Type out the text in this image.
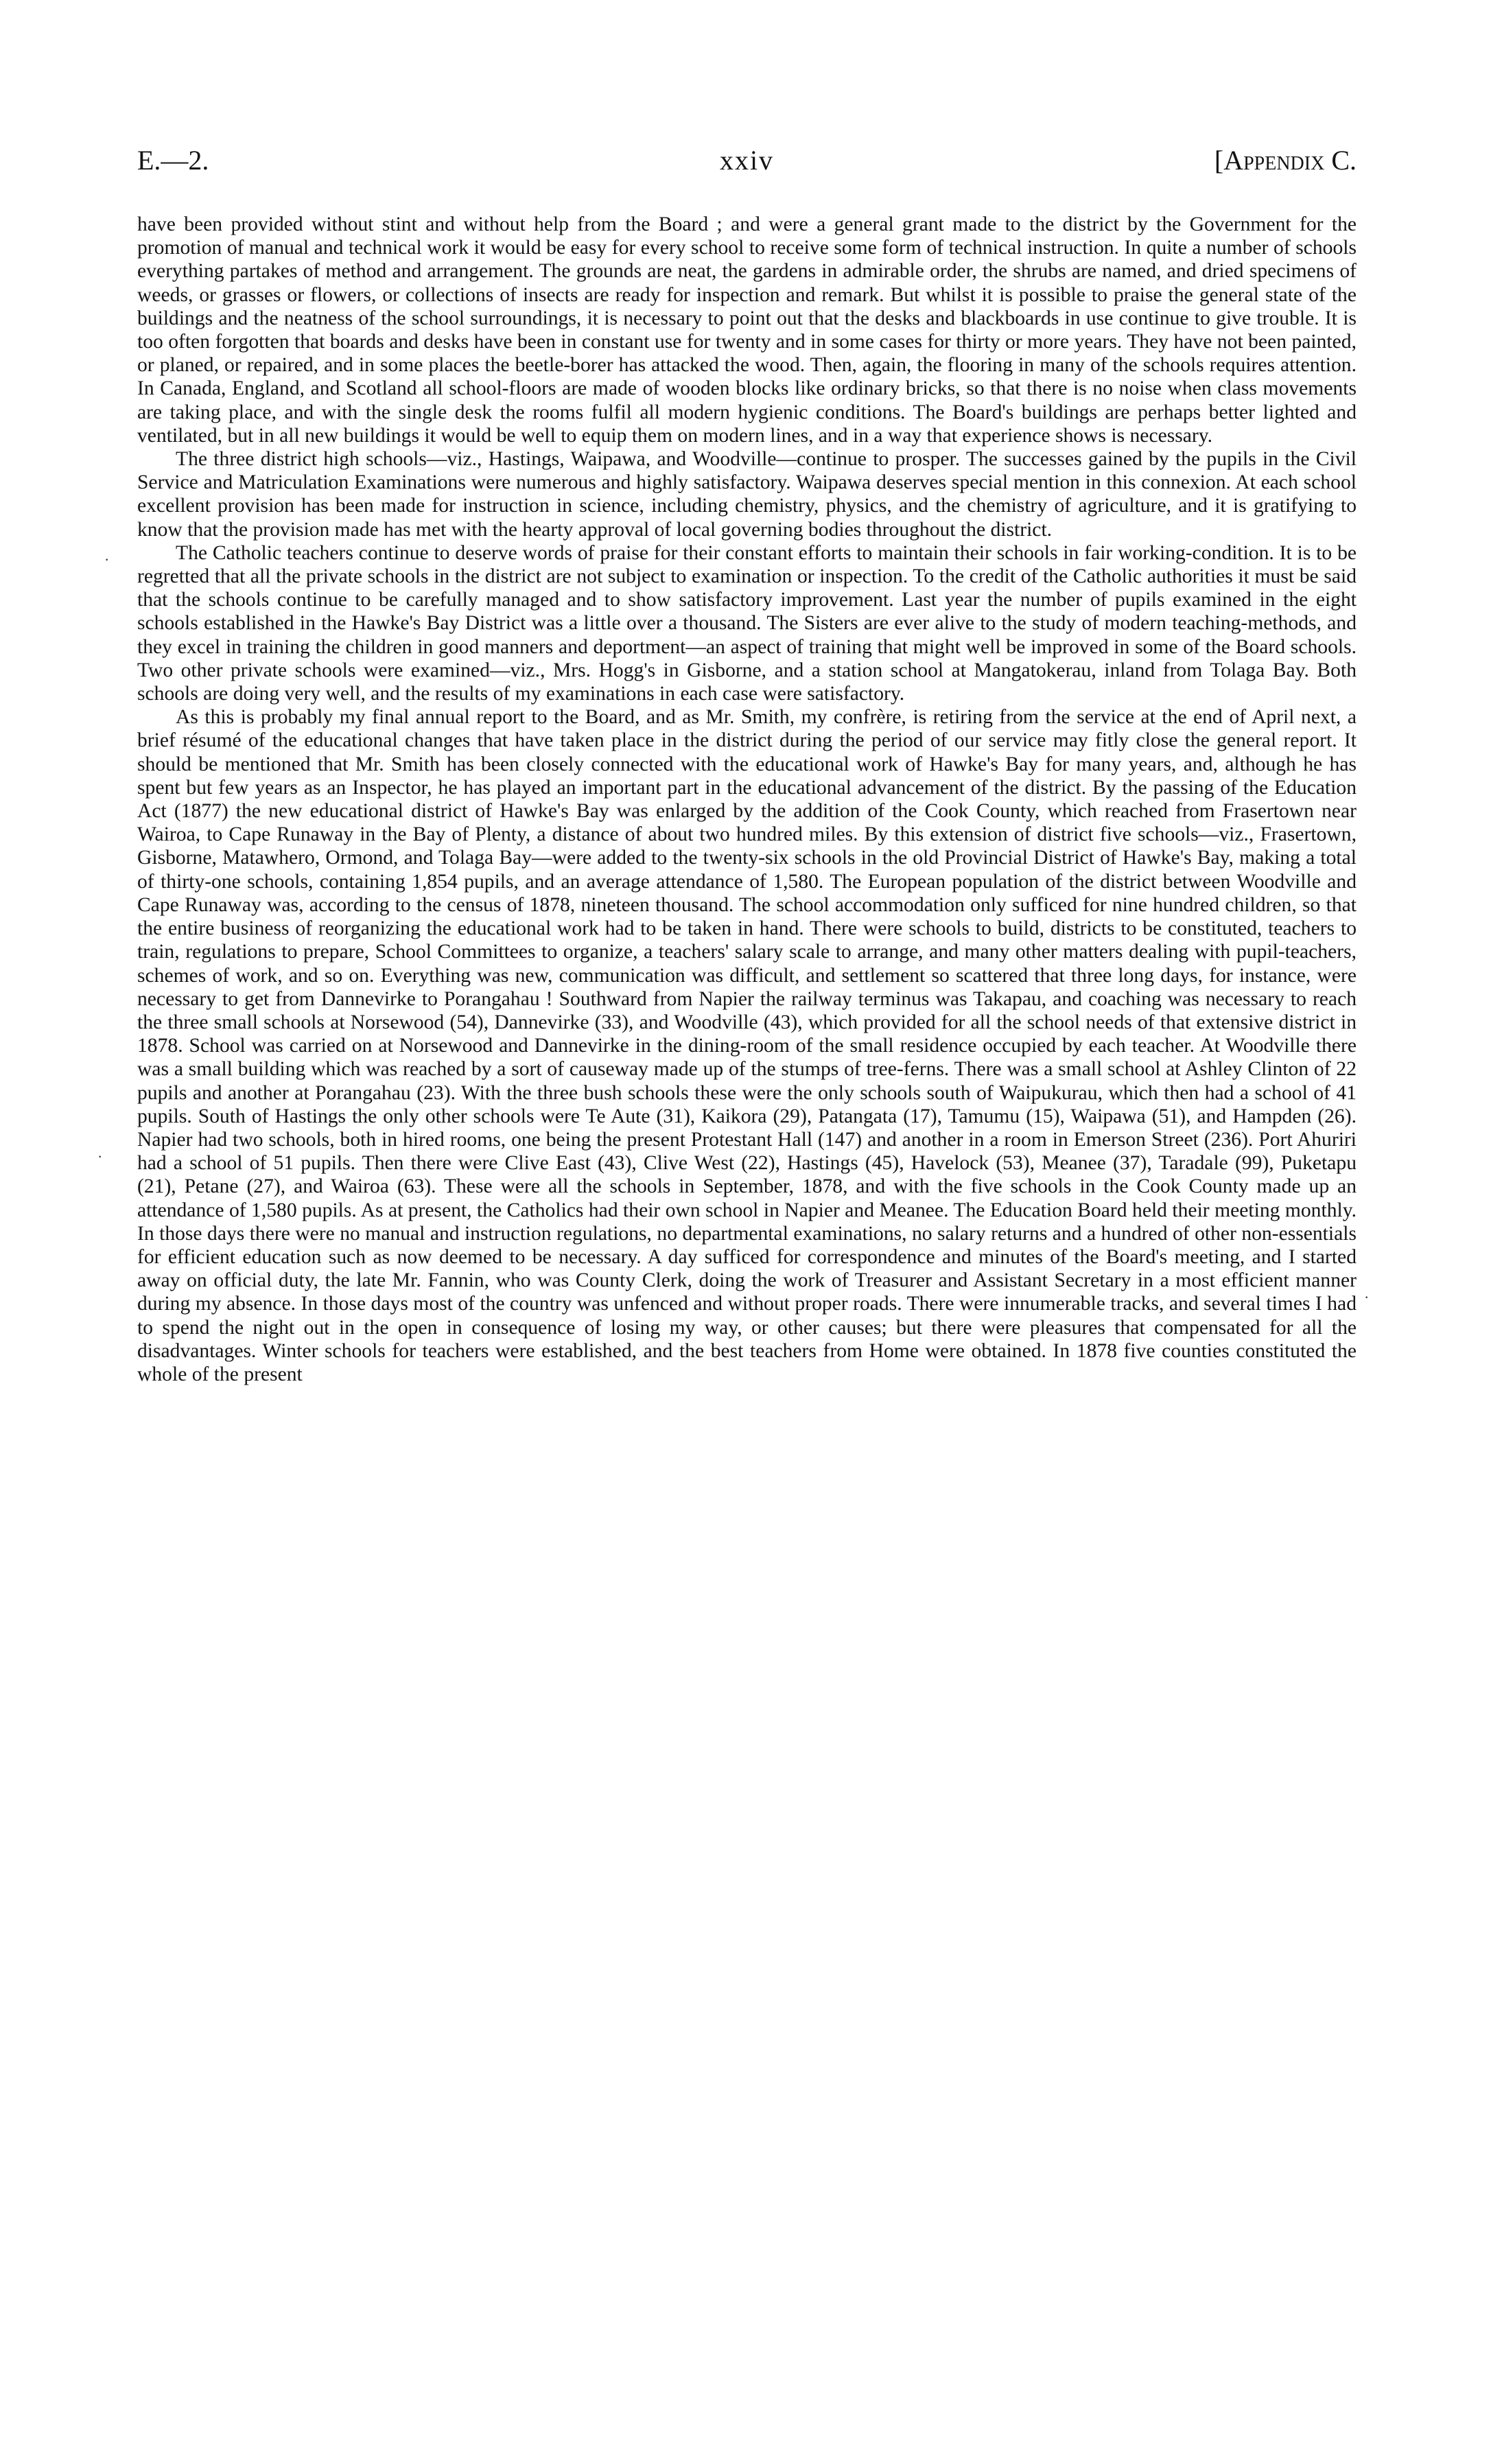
E.—2.	xxiv	[Appendix C.

have been provided without stint and without help from the Board ; and were a general grant made to the district by the Government for the promotion of manual and technical work it would be easy for every school to receive some form of technical instruction. In quite a number of schools everything partakes of method and arrangement. The grounds are neat, the gardens in admirable order, the shrubs are named, and dried specimens of weeds, or grasses or flowers, or collections of insects are ready for inspection and remark. But whilst it is possible to praise the general state of the buildings and the neatness of the school surroundings, it is necessary to point out that the desks and blackboards in use continue to give trouble. It is too often forgotten that boards and desks have been in constant use for twenty and in some cases for thirty or more years. They have not been painted, or planed, or repaired, and in some places the beetle-borer has attacked the wood. Then, again, the flooring in many of the schools requires attention. In Canada, England, and Scotland all school-floors are made of wooden blocks like ordinary bricks, so that there is no noise when class movements are taking place, and with the single desk the rooms fulfil all modern hygienic conditions. The Board's buildings are perhaps better lighted and ventilated, but in all new buildings it would be well to equip them on modern lines, and in a way that experience shows is necessary.

The three district high schools—viz., Hastings, Waipawa, and Woodville—continue to prosper. The successes gained by the pupils in the Civil Service and Matriculation Examinations were numerous and highly satisfactory. Waipawa deserves special mention in this connexion. At each school excellent provision has been made for instruction in science, including chemistry, physics, and the chemistry of agriculture, and it is gratifying to know that the provision made has met with the hearty approval of local governing bodies throughout the district.

The Catholic teachers continue to deserve words of praise for their constant efforts to maintain their schools in fair working-condition. It is to be regretted that all the private schools in the district are not subject to examination or inspection. To the credit of the Catholic authorities it must be said that the schools continue to be carefully managed and to show satisfactory improvement. Last year the number of pupils examined in the eight schools established in the Hawke's Bay District was a little over a thousand. The Sisters are ever alive to the study of modern teaching-methods, and they excel in training the children in good manners and deportment—an aspect of training that might well be improved in some of the Board schools. Two other private schools were examined—viz., Mrs. Hogg's in Gisborne, and a station school at Mangatokerau, inland from Tolaga Bay. Both schools are doing very well, and the results of my examinations in each case were satisfactory.

As this is probably my final annual report to the Board, and as Mr. Smith, my confrère, is retiring from the service at the end of April next, a brief résumé of the educational changes that have taken place in the district during the period of our service may fitly close the general report. It should be mentioned that Mr. Smith has been closely connected with the educational work of Hawke's Bay for many years, and, although he has spent but few years as an Inspector, he has played an important part in the educational advancement of the district. By the passing of the Education Act (1877) the new educational district of Hawke's Bay was enlarged by the addition of the Cook County, which reached from Frasertown near Wairoa, to Cape Runaway in the Bay of Plenty, a distance of about two hundred miles. By this extension of district five schools—viz., Frasertown, Gisborne, Matawhero, Ormond, and Tolaga Bay—were added to the twenty-six schools in the old Provincial District of Hawke's Bay, making a total of thirty-one schools, containing 1,854 pupils, and an average attendance of 1,580. The European population of the district between Woodville and Cape Runaway was, according to the census of 1878, nineteen thousand. The school accommodation only sufficed for nine hundred children, so that the entire business of reorganizing the educational work had to be taken in hand. There were schools to build, districts to be constituted, teachers to train, regulations to prepare, School Committees to organize, a teachers' salary scale to arrange, and many other matters dealing with pupil-teachers, schemes of work, and so on. Everything was new, communication was difficult, and settlement so scattered that three long days, for instance, were necessary to get from Dannevirke to Porangahau ! Southward from Napier the railway terminus was Takapau, and coaching was necessary to reach the three small schools at Norsewood (54), Dannevirke (33), and Woodville (43), which provided for all the school needs of that extensive district in 1878. School was carried on at Norsewood and Dannevirke in the dining-room of the small residence occupied by each teacher. At Woodville there was a small building which was reached by a sort of causeway made up of the stumps of tree-ferns. There was a small school at Ashley Clinton of 22 pupils and another at Porangahau (23). With the three bush schools these were the only schools south of Waipukurau, which then had a school of 41 pupils. South of Hastings the only other schools were Te Aute (31), Kaikora (29), Patangata (17), Tamumu (15), Waipawa (51), and Hampden (26). Napier had two schools, both in hired rooms, one being the present Protestant Hall (147) and another in a room in Emerson Street (236). Port Ahuriri had a school of 51 pupils. Then there were Clive East (43), Clive West (22), Hastings (45), Havelock (53), Meanee (37), Taradale (99), Puketapu (21), Petane (27), and Wairoa (63). These were all the schools in September, 1878, and with the five schools in the Cook County made up an attendance of 1,580 pupils. As at present, the Catholics had their own school in Napier and Meanee. The Education Board held their meeting monthly. In those days there were no manual and instruction regulations, no departmental examinations, no salary returns and a hundred of other non-essentials for efficient education such as now deemed to be necessary. A day sufficed for correspondence and minutes of the Board's meeting, and I started away on official duty, the late Mr. Fannin, who was County Clerk, doing the work of Treasurer and Assistant Secretary in a most efficient manner during my absence. In those days most of the country was unfenced and without proper roads. There were innumerable tracks, and several times I had to spend the night out in the open in consequence of losing my way, or other causes; but there were pleasures that compensated for all the disadvantages. Winter schools for teachers were established, and the best teachers from Home were obtained. In 1878 five counties constituted the whole of the present

·
·
·
